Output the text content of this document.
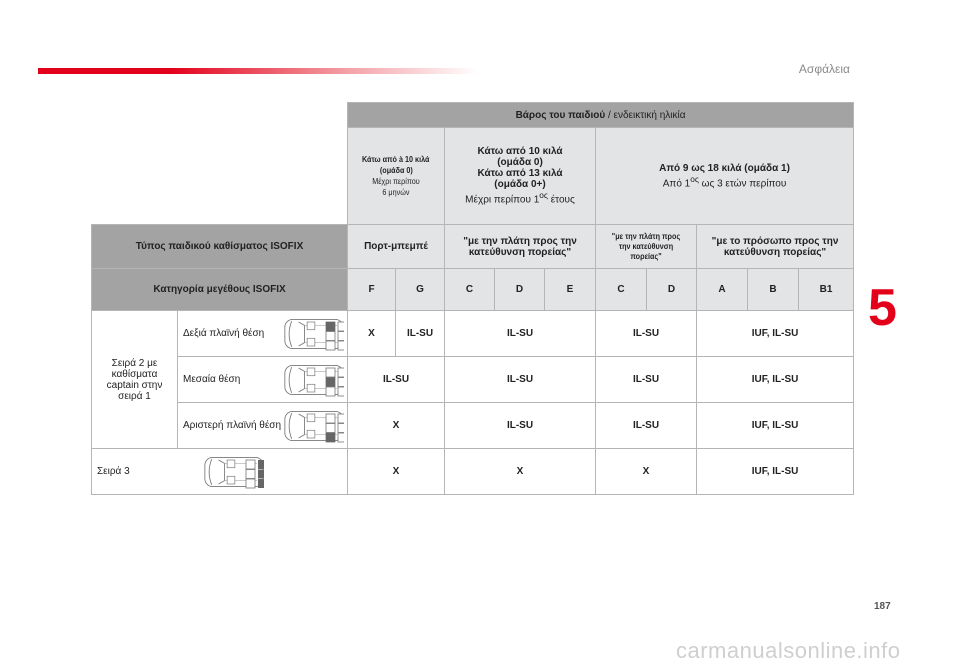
Ασφάλεια
5
187
		Βάρος του παιδιού / ενδεικτική ηλικία									
		Κάτω από à 10 κιλά
(ομάδα 0)
Μέχρι περίπου
6 μηνών		Κάτω από 10 κιλά
(ομάδα 0)
Κάτω από 13 κιλά
(ομάδα 0+)
Μέχρι περίπου $1^{o\varsigma}$ έτους			Από 9 ως 18 κιλά (ομάδα 1)
Από $1^{o\varsigma}$ ως 3 ετών περίπου				
Τύπος παιδικού καθίσματος ISOFIX		Πορτ-μπεμπέ		"με την πλάτη προς την κατεύθυνση πορείας"			"με την πλάτη προς την κατεύθυνση πορείας"		"με το πρόσωπο προς την κατεύθυνση πορείας"		
Κατηγορία μεγέθους ISOFIX		F	G	C	D	E	C	D	A	B	B1
Σειρά 2 με καθίσματα captain στην σειρά 1	Δεξιά πλαϊνή θέση	X	IL-SU	IL-SU			IL-SU		IUF, IL-SU		

	Μεσαία θέση	IL-SU		IL-SU			IL-SU		IUF, IL-SU		

	Αριστερή πλαϊνή θέση	X		IL-SU			IL-SU		IUF, IL-SU		

Σειρά 3		X		X			X		IUF, IL-SU		
carmanualsonline.info
